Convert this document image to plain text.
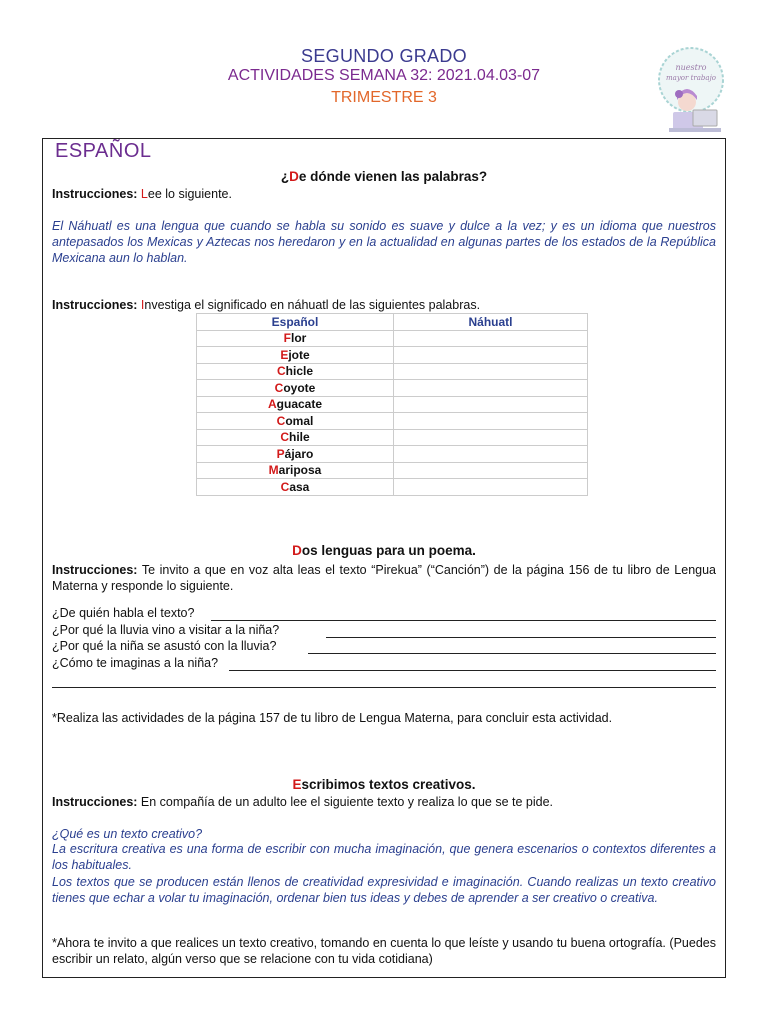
SEGUNDO GRADO
ACTIVIDADES SEMANA 32: 2021.04.03-07
TRIMESTRE 3
nuestro
mayor trabajo
ESPAÑOL
¿De dónde vienen las palabras?
Instrucciones: Lee lo siguiente.
El Náhuatl es una lengua que cuando se habla su sonido es suave y dulce a la vez; y es un idioma que nuestros antepasados los Mexicas y Aztecas nos heredaron y en la actualidad en algunas partes de los estados de la República Mexicana aun lo hablan.
Instrucciones: Investiga el significado en náhuatl de las siguientes palabras.
Español	Náhuatl
Flor	
Ejote	
Chicle	
Coyote	
Aguacate	
Comal	
Chile	
Pájaro	
Mariposa	
Casa	
Dos lenguas para un poema.
Instrucciones: Te invito a que en voz alta leas el texto “Pirekua” (“Canción”) de la página 156 de tu libro de Lengua Materna y responde lo siguiente.
¿De quién habla el texto?
¿Por qué la lluvia vino a visitar a la niña?
¿Por qué la niña se asustó con la lluvia?
¿Cómo te imaginas a la niña?
*Realiza las actividades de la página 157 de tu libro de Lengua Materna, para concluir esta actividad.
Escribimos textos creativos.
Instrucciones: En compañía de un adulto lee el siguiente texto y realiza lo que se te pide.
¿Qué es un texto creativo?
La escritura creativa es una forma de escribir con mucha imaginación, que genera escenarios o contextos diferentes a los habituales.
Los textos que se producen están llenos de creatividad expresividad e imaginación. Cuando realizas un texto creativo tienes que echar a volar tu imaginación, ordenar bien tus ideas y debes de aprender a ser creativo o creativa.
*Ahora te invito a que realices un texto creativo, tomando en cuenta lo que leíste y usando tu buena ortografía. (Puedes escribir un relato, algún verso que se relacione con tu vida cotidiana)
